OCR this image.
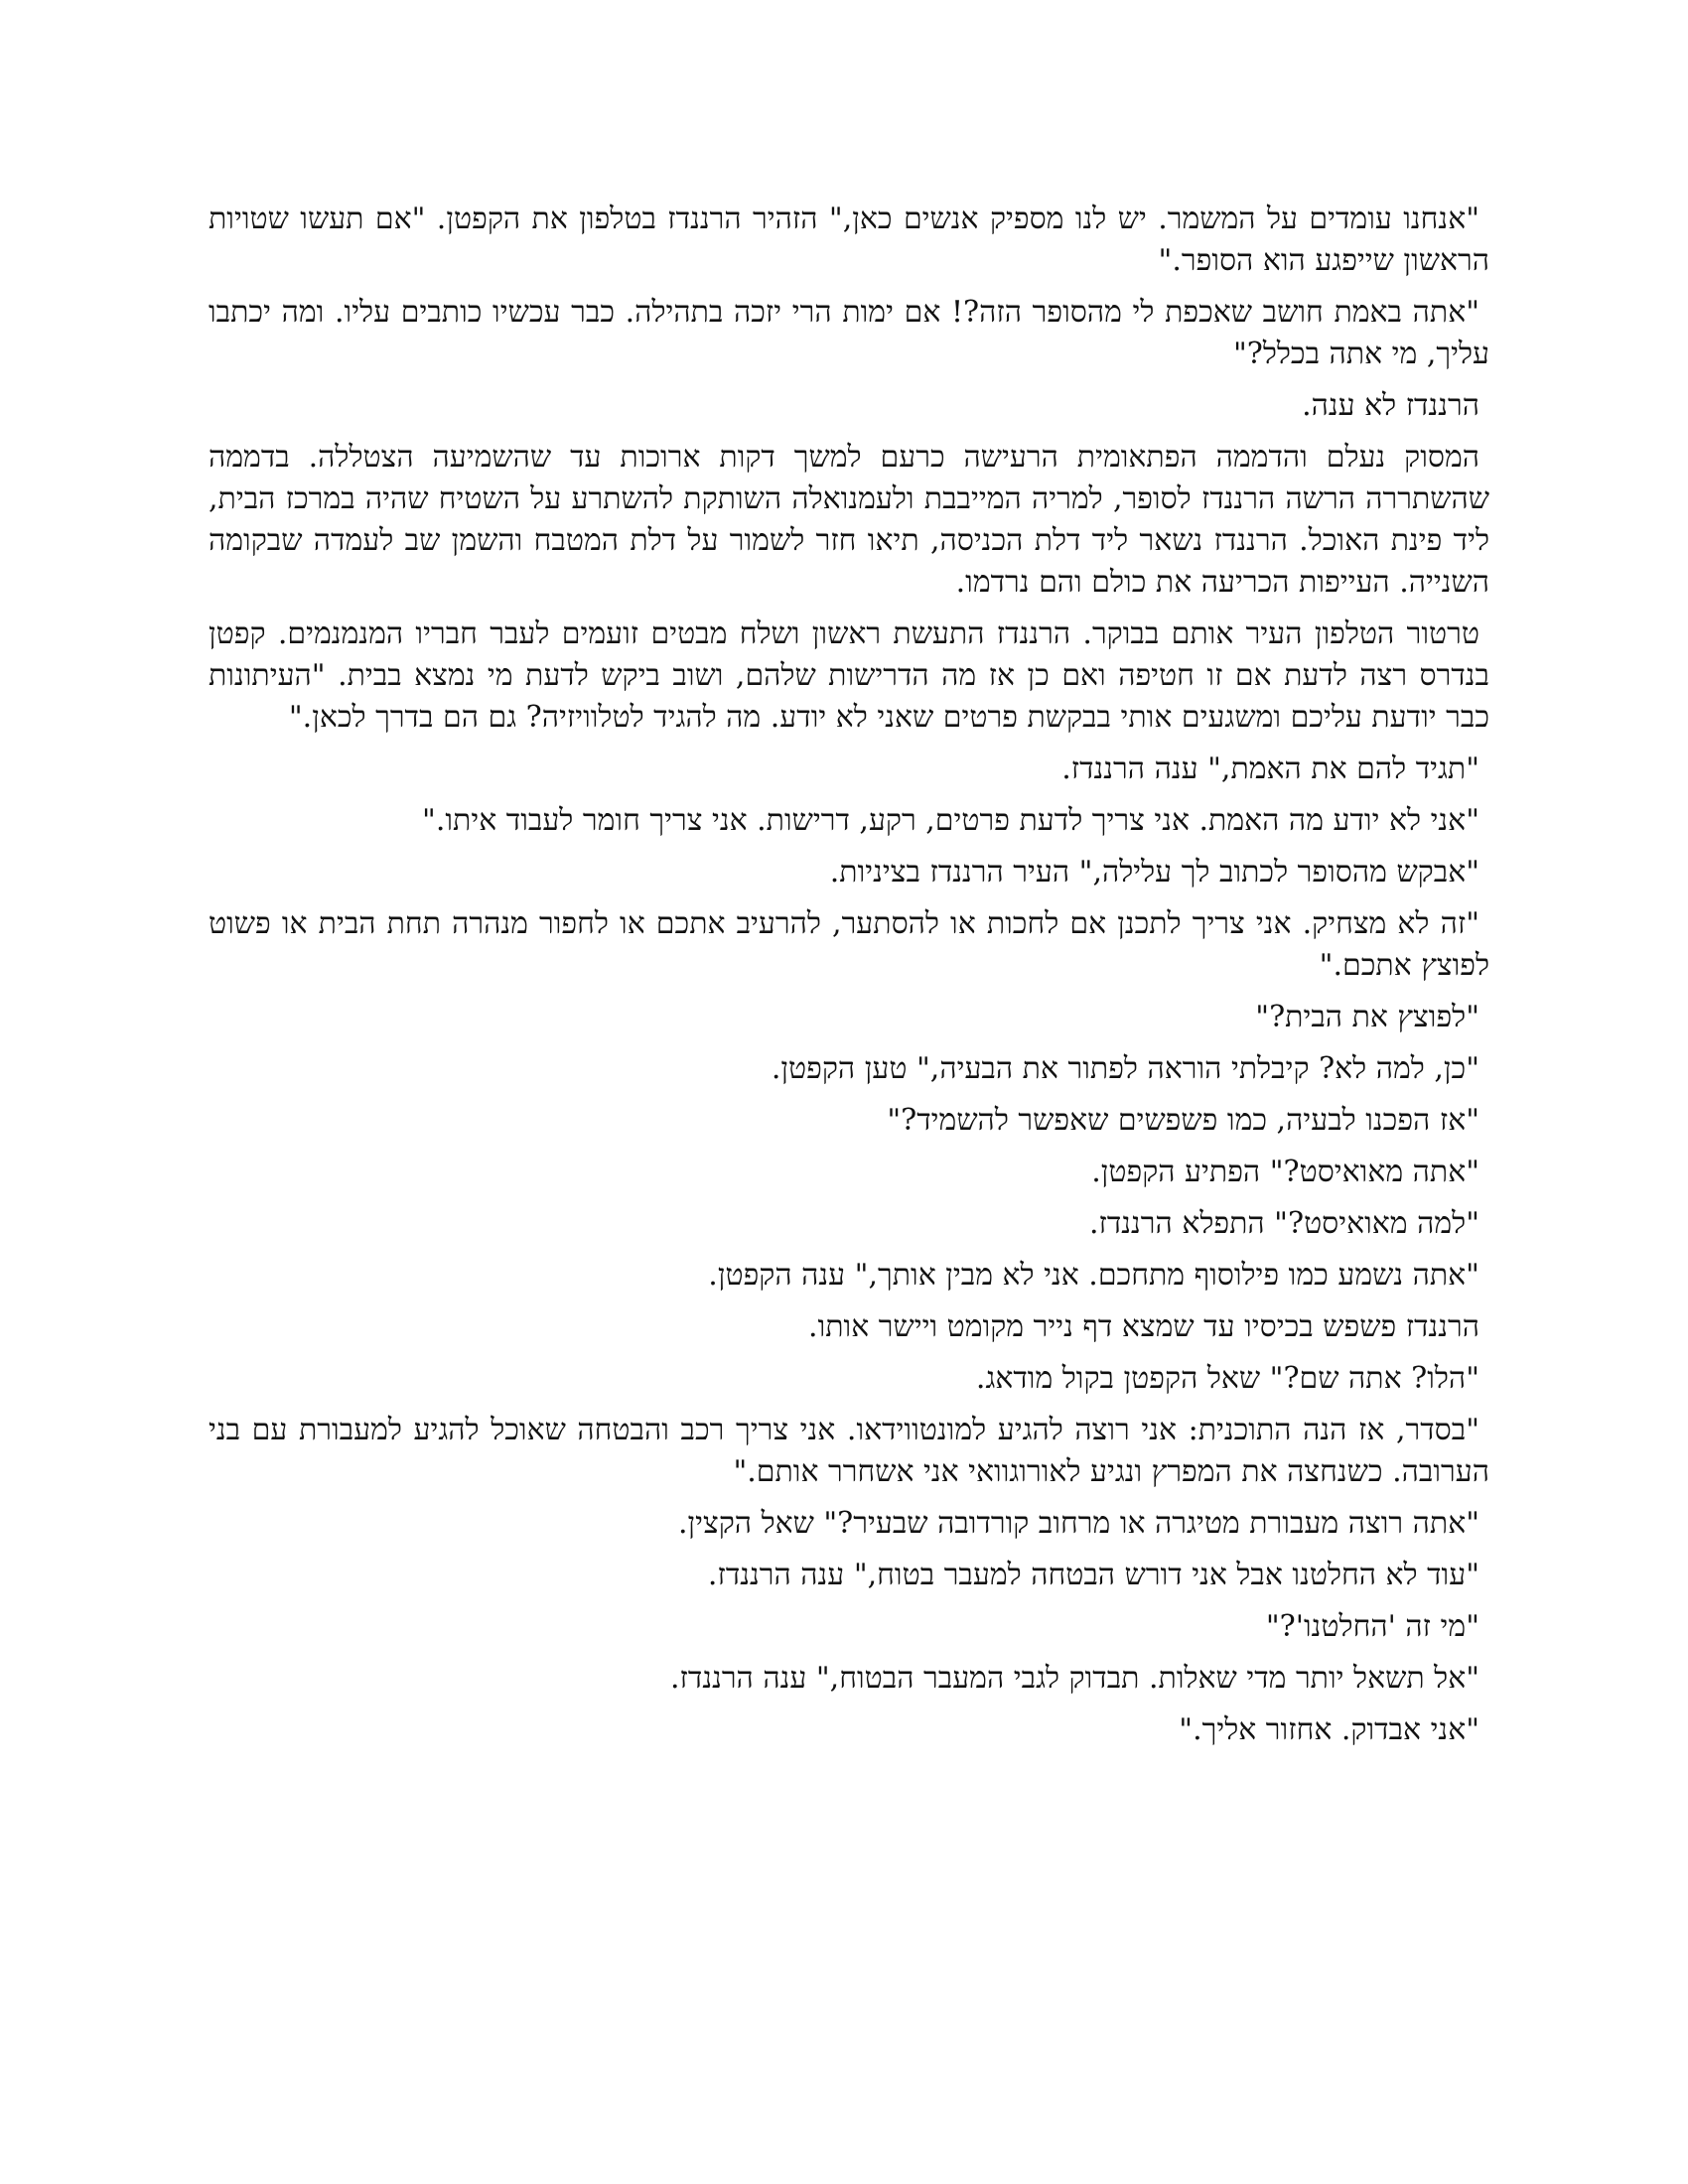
"אנחנו עומדים על המשמר. יש לנו מספיק אנשים כאן," הזהיר הרננדז בטלפון את הקפטן. "אם תעשו שטויות הראשון שייפגע הוא הסופר."

"אתה באמת חושב שאכפת לי מהסופר הזה?! אם ימות הרי יזכה בתהילה. כבר עכשיו כותבים עליו. ומה יכתבו עליך, מי אתה בכלל?"

הרננדז לא ענה.

המסוק נעלם והדממה הפתאומית הרעישה כרעם למשך דקות ארוכות עד שהשמיעה הצטללה. בדממה שהשתררה הרשה הרננדז לסופר, למריה המייבבת ולעמנואלה השותקת להשתרע על השטיח שהיה במרכז הבית, ליד פינת האוכל. הרננדז נשאר ליד דלת הכניסה, תיאו חזר לשמור על דלת המטבח והשמן שב לעמדה שבקומה השנייה. העייפות הכריעה את כולם והם נרדמו.

טרטור הטלפון העיר אותם בבוקר. הרננדז התעשת ראשון ושלח מבטים זועמים לעבר חבריו המנמנמים. קפטן בנדרס רצה לדעת אם זו חטיפה ואם כן אז מה הדרישות שלהם, ושוב ביקש לדעת מי נמצא בבית. "העיתונות כבר יודעת עליכם ומשגעים אותי בבקשת פרטים שאני לא יודע. מה להגיד לטלוויזיה? גם הם בדרך לכאן."

"תגיד להם את האמת," ענה הרננדז.

"אני לא יודע מה האמת. אני צריך לדעת פרטים, רקע, דרישות. אני צריך חומר לעבוד איתו."

"אבקש מהסופר לכתוב לך עלילה," העיר הרננדז בציניות.

"זה לא מצחיק. אני צריך לתכנן אם לחכות או להסתער, להרעיב אתכם או לחפור מנהרה תחת הבית או פשוט לפוצץ אתכם."

"לפוצץ את הבית?"

"כן, למה לא? קיבלתי הוראה לפתור את הבעיה," טען הקפטן.

"אז הפכנו לבעיה, כמו פשפשים שאפשר להשמיד?"

"אתה מאואיסט?" הפתיע הקפטן.

"למה מאואיסט?" התפלא הרננדז.

"אתה נשמע כמו פילוסוף מתחכם. אני לא מבין אותך," ענה הקפטן.

הרננדז פשפש בכיסיו עד שמצא דף נייר מקומט ויישר אותו.

"הלו? אתה שם?" שאל הקפטן בקול מודאג.

"בסדר, אז הנה התוכנית: אני רוצה להגיע למונטווידאו. אני צריך רכב והבטחה שאוכל להגיע למעבורת עם בני הערובה. כשנחצה את המפרץ ונגיע לאורוגוואי אני אשחרר אותם."

"אתה רוצה מעבורת מטיגרה או מרחוב קורדובה שבעיר?" שאל הקצין.

"עוד לא החלטנו אבל אני דורש הבטחה למעבר בטוח," ענה הרננדז.

"מי זה 'החלטנו'?"

"אל תשאל יותר מדי שאלות. תבדוק לגבי המעבר הבטוח," ענה הרננדז.

"אני אבדוק. אחזור אליך."
